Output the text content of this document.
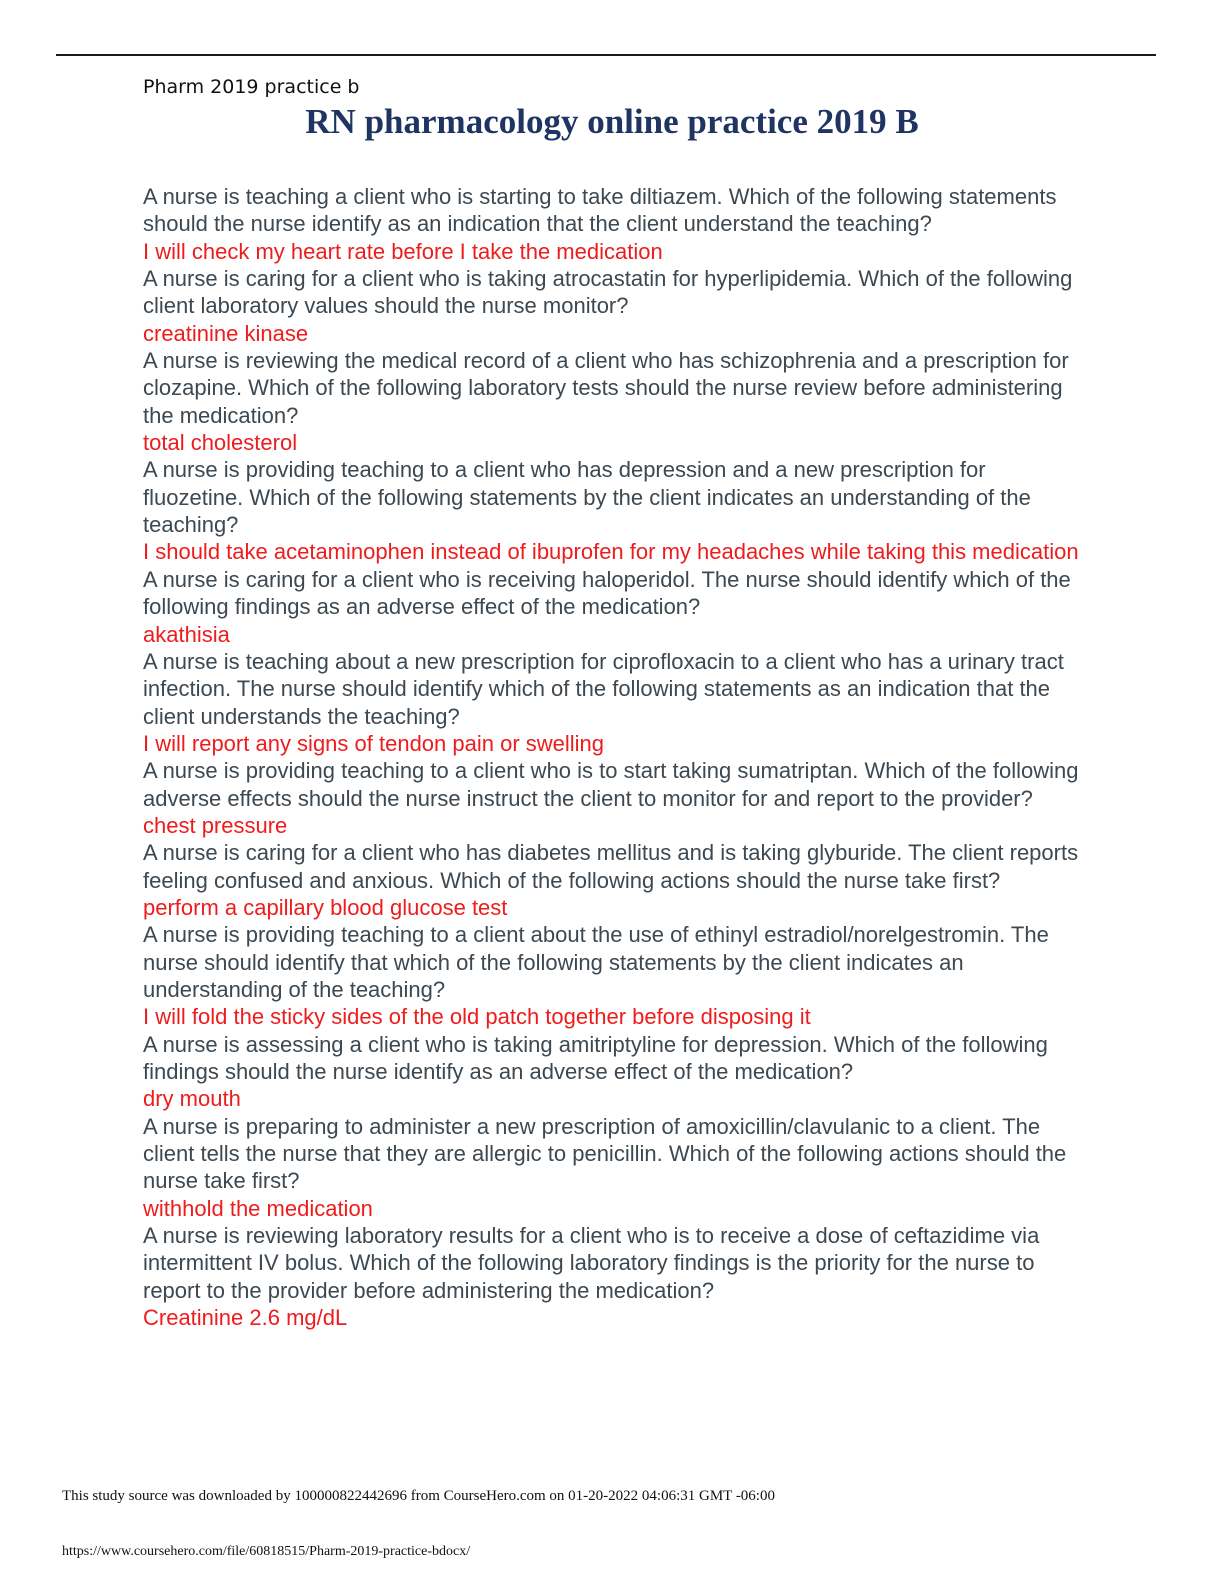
Pharm 2019 practice b
RN pharmacology online practice 2019 B

A nurse is teaching a client who is starting to take diltiazem. Which of the following statements should the nurse identify as an indication that the client understand the teaching?

I will check my heart rate before I take the medication

A nurse is caring for a client who is taking atrocastatin for hyperlipidemia. Which of the following client laboratory values should the nurse monitor?

creatinine kinase

A nurse is reviewing the medical record of a client who has schizophrenia and a prescription for clozapine. Which of the following laboratory tests should the nurse review before administering the medication?

total cholesterol

A nurse is providing teaching to a client who has depression and a new prescription for fluozetine. Which of the following statements by the client indicates an understanding of the teaching?

I should take acetaminophen instead of ibuprofen for my headaches while taking this medication

A nurse is caring for a client who is receiving haloperidol. The nurse should identify which of the following findings as an adverse effect of the medication?

akathisia

A nurse is teaching about a new prescription for ciprofloxacin to a client who has a urinary tract infection. The nurse should identify which of the following statements as an indication that the client understands the teaching?

I will report any signs of tendon pain or swelling

A nurse is providing teaching to a client who is to start taking sumatriptan. Which of the following adverse effects should the nurse instruct the client to monitor for and report to the provider?

chest pressure

A nurse is caring for a client who has diabetes mellitus and is taking glyburide. The client reports feeling confused and anxious. Which of the following actions should the nurse take first?

perform a capillary blood glucose test

A nurse is providing teaching to a client about the use of ethinyl estradiol/norelgestromin. The nurse should identify that which of the following statements by the client indicates an understanding of the teaching?

I will fold the sticky sides of the old patch together before disposing it

A nurse is assessing a client who is taking amitriptyline for depression. Which of the following findings should the nurse identify as an adverse effect of the medication?

dry mouth

A nurse is preparing to administer a new prescription of amoxicillin/clavulanic to a client. The client tells the nurse that they are allergic to penicillin. Which of the following actions should the nurse take first?

withhold the medication

A nurse is reviewing laboratory results for a client who is to receive a dose of ceftazidime via intermittent IV bolus. Which of the following laboratory findings is the priority for the nurse to report to the provider before administering the medication?

Creatinine 2.6 mg/dL

This study source was downloaded by 100000822442696 from CourseHero.com on 01-20-2022 04:06:31 GMT -06:00
https://www.coursehero.com/file/60818515/Pharm-2019-practice-bdocx/
